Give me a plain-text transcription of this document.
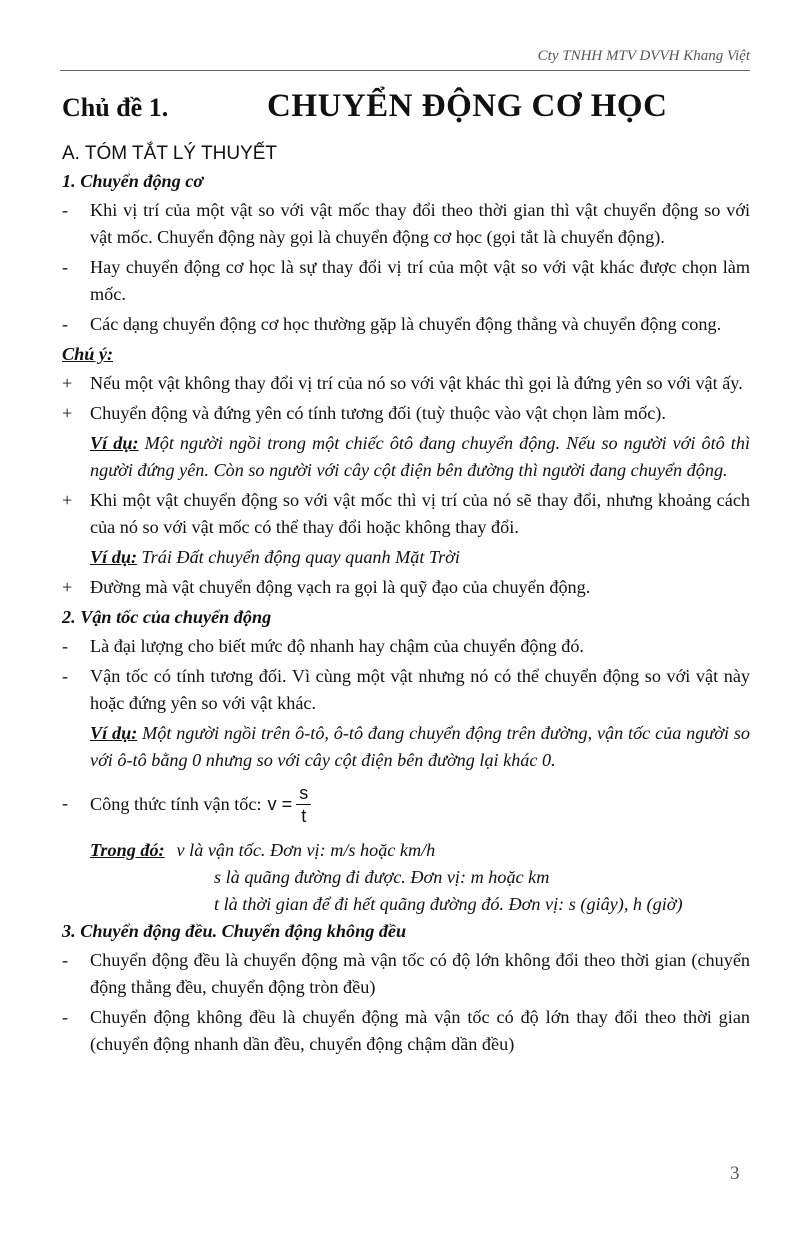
Cty TNHH MTV DVVH Khang Việt
Chủ đề 1.	CHUYỂN ĐỘNG CƠ HỌC
A. TÓM TẮT LÝ THUYẾT
1. Chuyển động cơ
-	Khi vị trí của một vật so với vật mốc thay đổi theo thời gian thì vật chuyển động so với vật mốc. Chuyển động này gọi là chuyển động cơ học (gọi tắt là chuyển động).
-	Hay chuyển động cơ học là sự thay đổi vị trí của một vật so với vật khác được chọn làm mốc.
-	Các dạng chuyển động cơ học thường gặp là chuyển động thẳng và chuyển động cong.
Chú ý:
+ Nếu một vật không thay đổi vị trí của nó so với vật khác thì gọi là đứng yên so với vật ấy.
+ Chuyển động và đứng yên có tính tương đối (tuỳ thuộc vào vật chọn làm mốc).
Ví dụ: Một người ngồi trong một chiếc ôtô đang chuyển động. Nếu so người với ôtô thì người đứng yên. Còn so người với cây cột điện bên đường thì người đang chuyển động.
+ Khi một vật chuyển động so với vật mốc thì vị trí của nó sẽ thay đổi, nhưng khoảng cách của nó so với vật mốc có thể thay đổi hoặc không thay đổi.
Ví dụ: Trái Đất chuyển động quay quanh Mặt Trời
+ Đường mà vật chuyển động vạch ra gọi là quỹ đạo của chuyển động.
2. Vận tốc của chuyển động
-	Là đại lượng cho biết mức độ nhanh hay chậm của chuyển động đó.
-	Vận tốc có tính tương đối. Vì cùng một vật nhưng nó có thể chuyển động so với vật này hoặc đứng yên so với vật khác.
Ví dụ: Một người ngồi trên ô-tô, ô-tô đang chuyển động trên đường, vận tốc của người so với ô-tô bằng 0 nhưng so với cây cột điện bên đường lại khác 0.
- Công thức tính vận tốc: $v = \frac{s}{t}$
Trong đó: v là vận tốc. Đơn vị: m/s hoặc km/h
s là quãng đường đi được. Đơn vị: m hoặc km
t là thời gian để đi hết quãng đường đó. Đơn vị: s (giây), h (giờ)
3. Chuyển động đều. Chuyển động không đều
-	Chuyển động đều là chuyển động mà vận tốc có độ lớn không đổi theo thời gian (chuyển động thẳng đều, chuyển động tròn đều)
-	Chuyển động không đều là chuyển động mà vận tốc có độ lớn thay đổi theo thời gian (chuyển động nhanh dần đều, chuyển động chậm dần đều)
3
